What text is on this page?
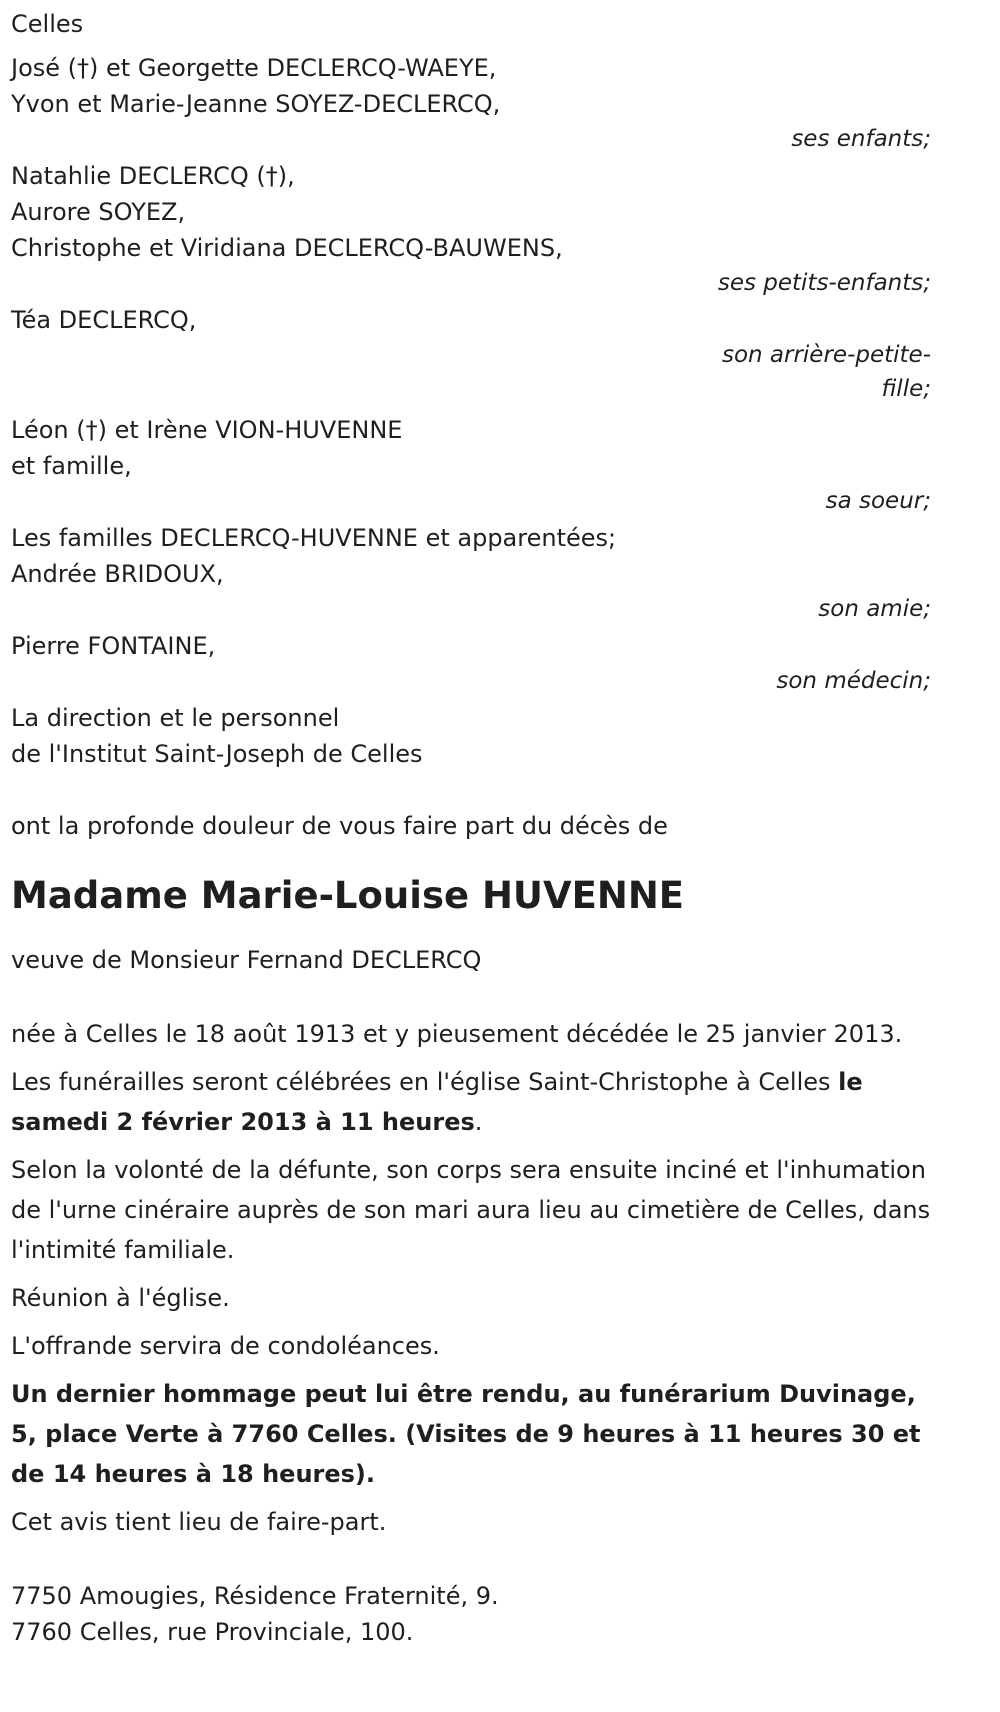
Celles
José (†) et Georgette DECLERCQ-WAEYE,
Yvon et Marie-Jeanne SOYEZ-DECLERCQ,
ses enfants;
Natahlie DECLERCQ (†),
Aurore SOYEZ,
Christophe et Viridiana DECLERCQ-BAUWENS,
ses petits-enfants;
Téa DECLERCQ,
son arrière-petite-fille;
Léon (†) et Irène VION-HUVENNE
et famille,
sa soeur;
Les familles DECLERCQ-HUVENNE et apparentées;
Andrée BRIDOUX,
son amie;
Pierre FONTAINE,
son médecin;
La direction et le personnel
de l'Institut Saint-Joseph de Celles
ont la profonde douleur de vous faire part du décès de
Madame Marie-Louise HUVENNE
veuve de Monsieur Fernand DECLERCQ

née à Celles le 18 août 1913 et y pieusement décédée le 25 janvier 2013.

Les funérailles seront célébrées en l'église Saint-Christophe à Celles le samedi 2 février 2013 à 11 heures.

Selon la volonté de la défunte, son corps sera ensuite inciné et l'inhumation de l'urne cinéraire auprès de son mari aura lieu au cimetière de Celles, dans l'intimité familiale.

Réunion à l'église.

L'offrande servira de condoléances.

Un dernier hommage peut lui être rendu, au funérarium Duvinage, 5, place Verte à 7760 Celles. (Visites de 9 heures à 11 heures 30 et de 14 heures à 18 heures).

Cet avis tient lieu de faire-part.

7750 Amougies, Résidence Fraternité, 9.
7760 Celles, rue Provinciale, 100.
